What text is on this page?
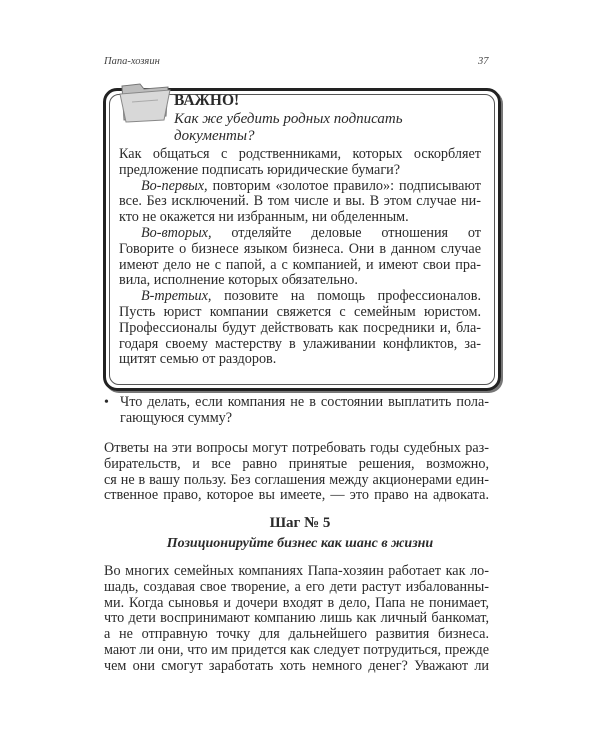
Папа-хозяин	37
ВАЖНО!
Как же убедить родных подписать
документы?
Как общаться с родственниками, которых оскорбляет
предложение подписать юридические бумаги?
Во-первых, повторим «золотое правило»: подписывают
все. Без исключений. В том числе и вы. В этом случае ни-
кто не окажется ни избранным, ни обделенным.
Во-вторых, отделяйте деловые отношения от
Говорите о бизнесе языком бизнеса. Они в данном случае
имеют дело не с папой, а с компанией, и имеют свои пра-
вила, исполнение которых обязательно.
В-третьих, позовите на помощь профессионалов.
Пусть юрист компании свяжется с семейным юристом.
Профессионалы будут действовать как посредники и, бла-
годаря своему мастерству в улаживании конфликтов, за-
щитят семью от раздоров.
• Что делать, если компания не в состоянии выплатить пола-
гающуюся сумму?
Ответы на эти вопросы могут потребовать годы судебных раз-
бирательств, и все равно принятые решения, возможно,
ся не в вашу пользу. Без соглашения между акционерами един-
ственное право, которое вы имеете, — это право на адвоката.
Шаг № 5
Позиционируйте бизнес как шанс в жизни
Во многих семейных компаниях Папа-хозяин работает как ло-
шадь, создавая свое творение, а его дети растут избалованны-
ми. Когда сыновья и дочери входят в дело, Папа не понимает,
что дети воспринимают компанию лишь как личный банкомат,
а не отправную точку для дальнейшего развития бизнеса.
мают ли они, что им придется как следует потрудиться, прежде
чем они смогут заработать хоть немного денег? Уважают ли
